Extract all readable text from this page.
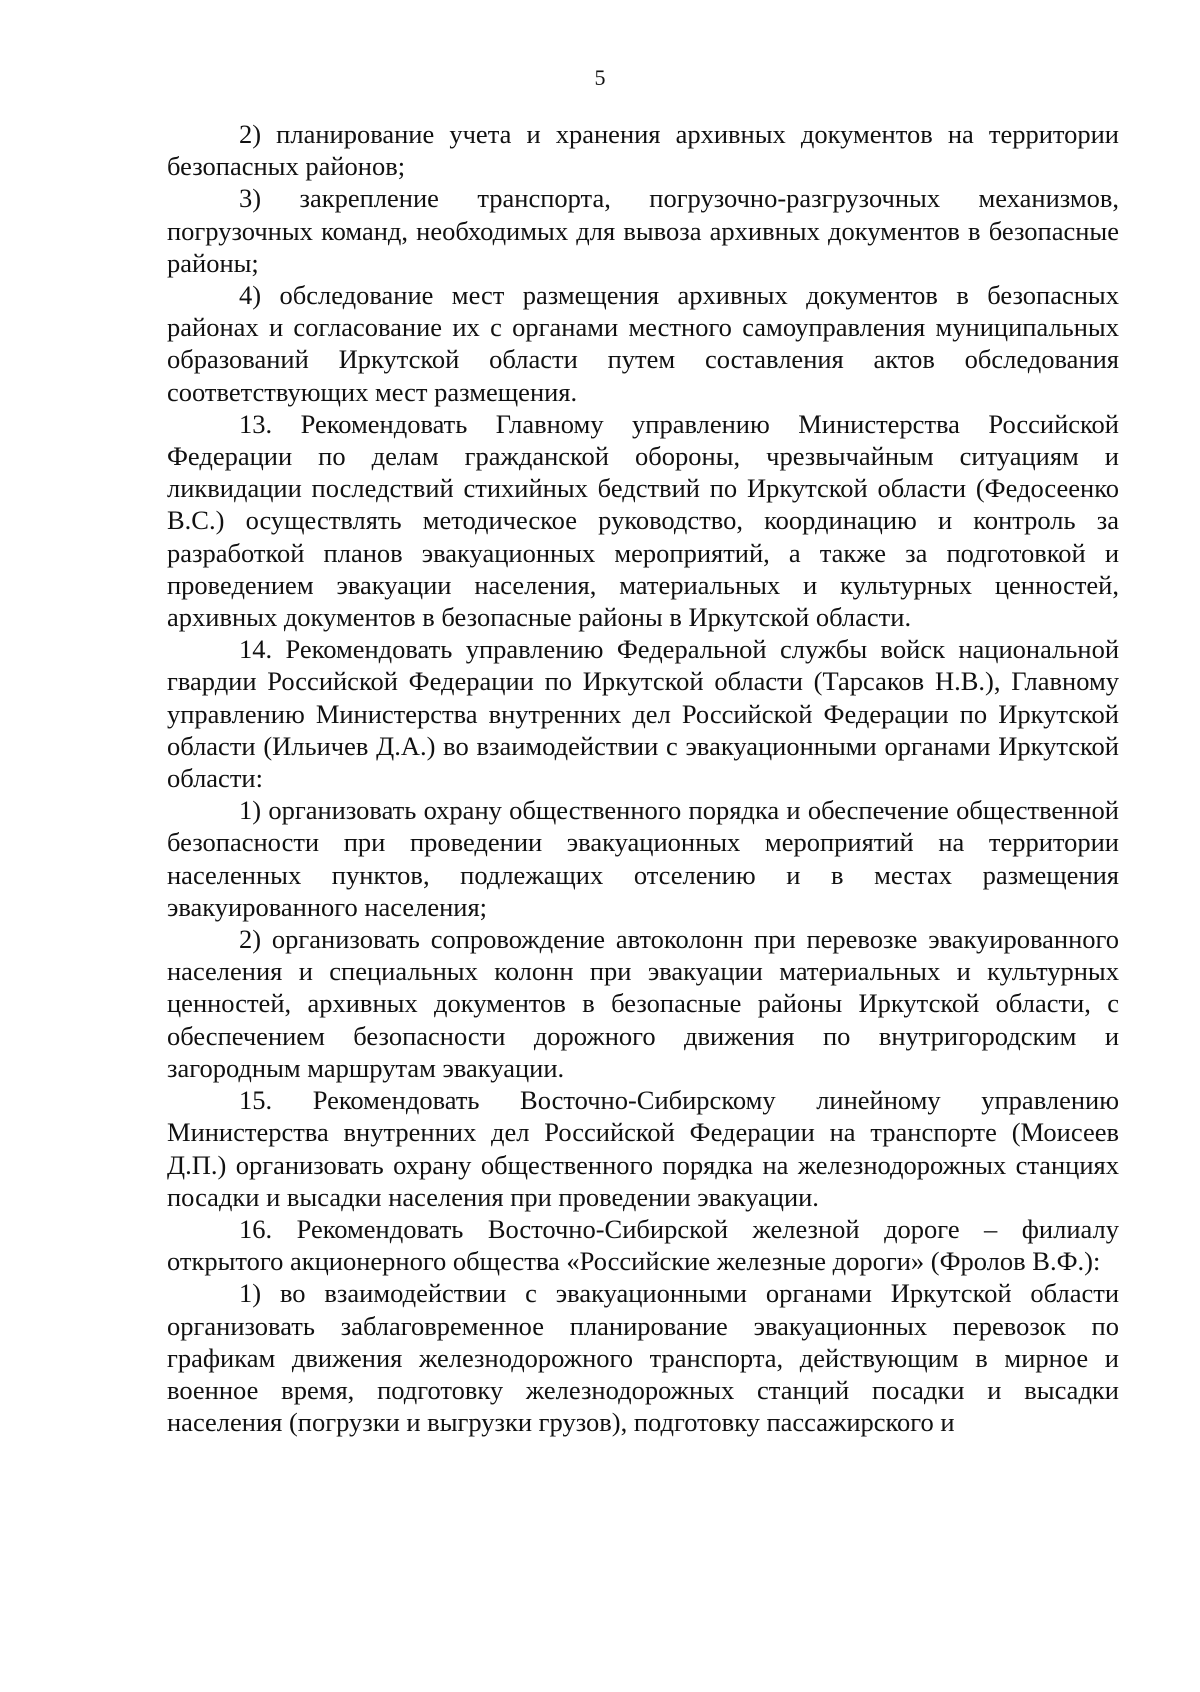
5

2) планирование учета и хранения архивных документов на территории безопасных районов;

3) закрепление транспорта, погрузочно-разгрузочных механизмов, погрузочных команд, необходимых для вывоза архивных документов в безопасные районы;

4) обследование мест размещения архивных документов в безопасных районах и согласование их с органами местного самоуправления муниципальных образований Иркутской области путем составления актов обследования соответствующих мест размещения.

13. Рекомендовать Главному управлению Министерства Российской Федерации по делам гражданской обороны, чрезвычайным ситуациям и ликвидации последствий стихийных бедствий по Иркутской области (Федосеенко В.С.) осуществлять методическое руководство, координацию и контроль за разработкой планов эвакуационных мероприятий, а также за подготовкой и проведением эвакуации населения, материальных и культурных ценностей, архивных документов в безопасные районы в Иркутской области.

14. Рекомендовать управлению Федеральной службы войск национальной гвардии Российской Федерации по Иркутской области (Тарсаков Н.В.), Главному управлению Министерства внутренних дел Российской Федерации по Иркутской области (Ильичев Д.А.) во взаимодействии с эвакуационными органами Иркутской области:

1) организовать охрану общественного порядка и обеспечение общественной безопасности при проведении эвакуационных мероприятий на территории населенных пунктов, подлежащих отселению и в местах размещения эвакуированного населения;

2) организовать сопровождение автоколонн при перевозке эвакуированного населения и специальных колонн при эвакуации материальных и культурных ценностей, архивных документов в безопасные районы Иркутской области, с обеспечением безопасности дорожного движения по внутригородским и загородным маршрутам эвакуации.

15. Рекомендовать Восточно-Сибирскому линейному управлению Министерства внутренних дел Российской Федерации на транспорте (Моисеев Д.П.) организовать охрану общественного порядка на железнодорожных станциях посадки и высадки населения при проведении эвакуации.

16. Рекомендовать Восточно-Сибирской железной дороге – филиалу открытого акционерного общества «Российские железные дороги» (Фролов В.Ф.):

1) во взаимодействии с эвакуационными органами Иркутской области организовать заблаговременное планирование эвакуационных перевозок по графикам движения железнодорожного транспорта, действующим в мирное и военное время, подготовку железнодорожных станций посадки и высадки населения (погрузки и выгрузки грузов), подготовку пассажирского и
